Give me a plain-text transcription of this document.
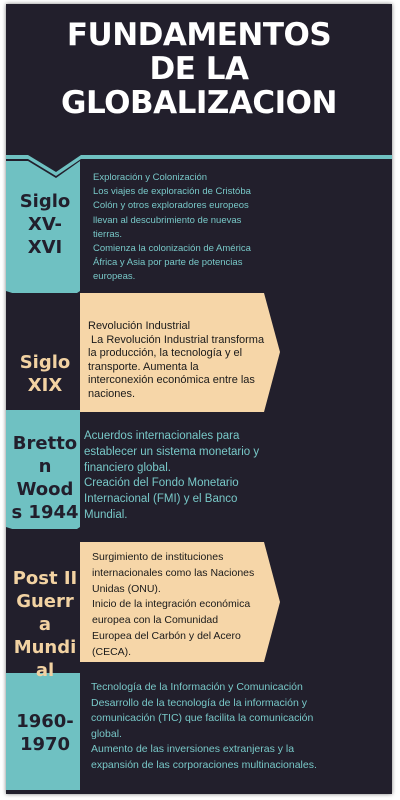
FUNDAMENTOS
DE LA
GLOBALIZACION
Siglo
XV-
XVI
Exploración y Colonización
Los viajes de exploración de Cristóba
Colón y otros exploradores europeos
llevan al descubrimiento de nuevas
tierras.
Comienza la colonización de América
África y Asia por parte de potencias
europeas.
Siglo
XIX
Revolución Industrial
La Revolución Industrial transforma
la producción, la tecnología y el
transporte. Aumenta la
interconexión económica entre las
naciones.
Bretto
n
Wood
s 1944
Acuerdos internacionales para
establecer un sistema monetario y
financiero global.
Creación del Fondo Monetario
Internacional (FMI) y el Banco
Mundial.
Post II
Guerr
a
Mundi
al
Surgimiento de instituciones
internacionales como las Naciones
Unidas (ONU).
Inicio de la integración económica
europea con la Comunidad
Europea del Carbón y del Acero
(CECA).
1960-
1970
Tecnología de la Información y Comunicación
Desarrollo de la tecnología de la información y
comunicación (TIC) que facilita la comunicación
global.
Aumento de las inversiones extranjeras y la
expansión de las corporaciones multinacionales.
